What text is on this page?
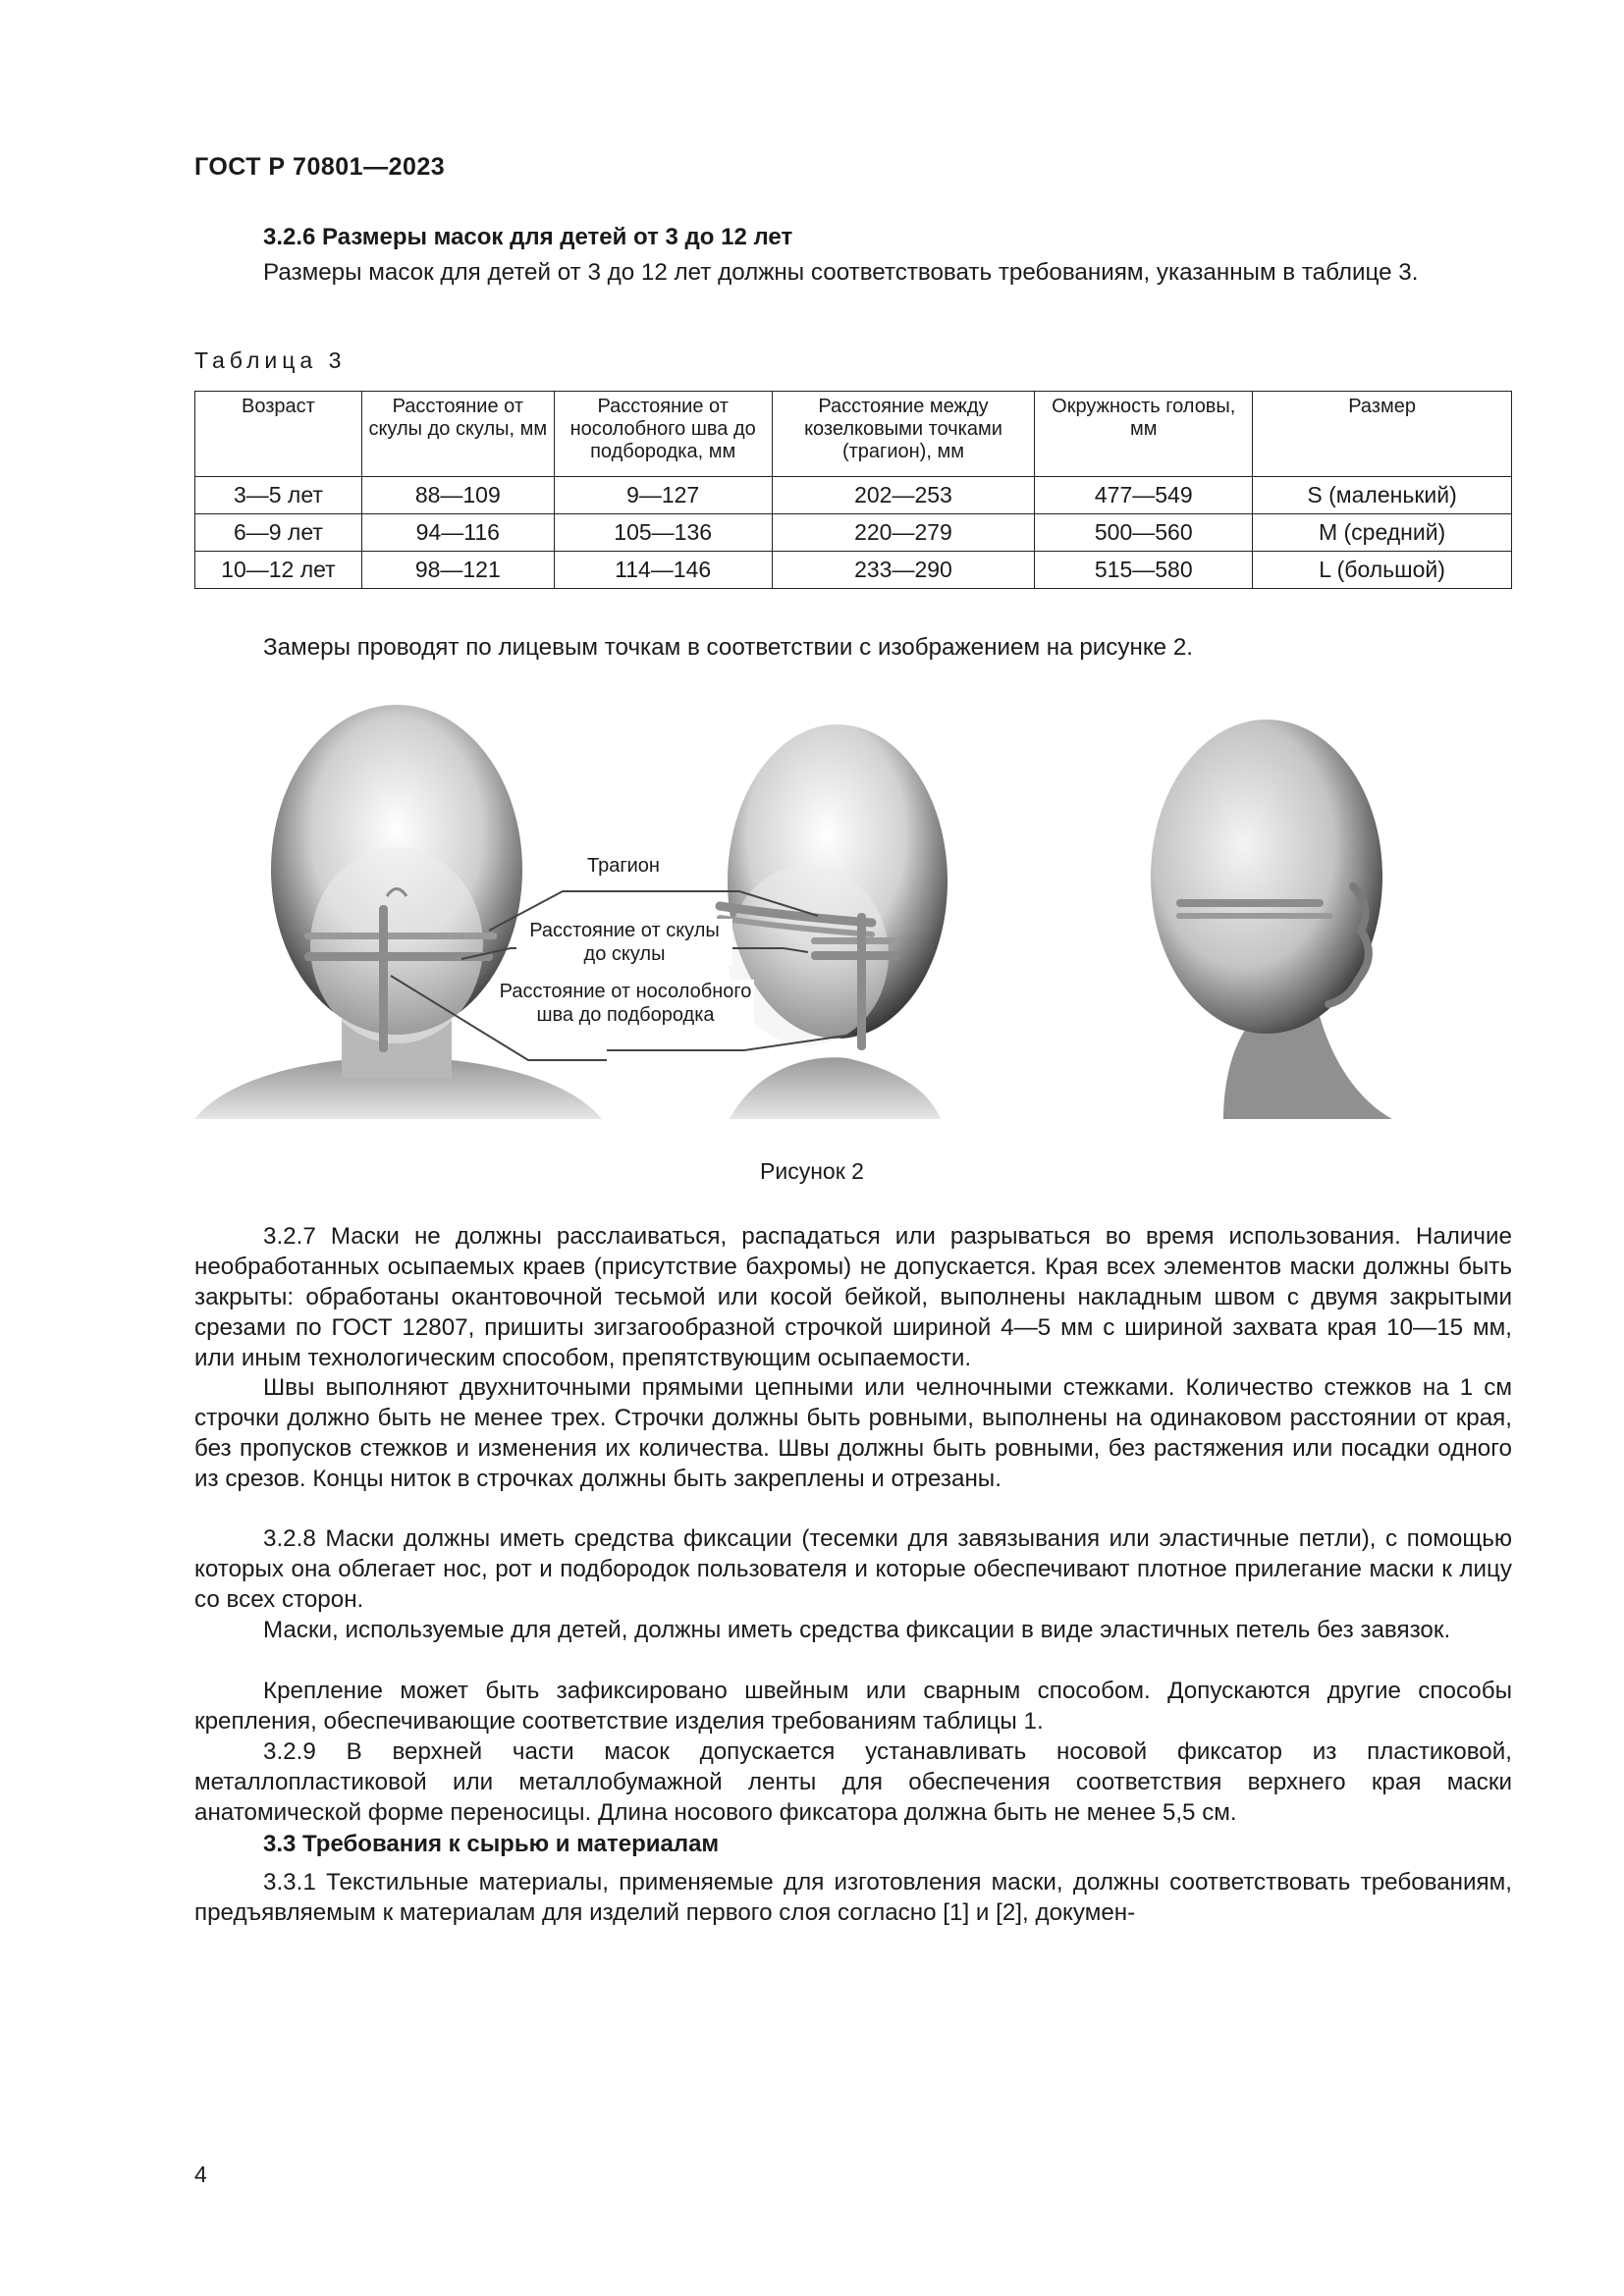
ГОСТ Р 70801—2023
3.2.6 Размеры масок для детей от 3 до 12 лет

Размеры масок для детей от 3 до 12 лет должны соответствовать требованиям, указанным в таблице 3.

Таблица 3
Возраст	Расстояние от скулы до скулы, мм	Расстояние от носолобного шва до подбородка, мм	Расстояние между козелковыми точками (трагион), мм	Окружность головы, мм	Размер
3—5 лет	88—109	9—127	202—253	477—549	S (маленький)
6—9 лет	94—116	105—136	220—279	500—560	M (средний)
10—12 лет	98—121	114—146	233—290	515—580	L (большой)

Замеры проводят по лицевым точкам в соответствии с изображением на рисунке 2.

Трагион
Расстояние от скулы
до скулы
Расстояние от носолобного
шва до подбородка
Рисунок 2

3.2.7 Маски не должны расслаиваться, распадаться или разрываться во время использования. Наличие необработанных осыпаемых краев (присутствие бахромы) не допускается. Края всех элементов маски должны быть закрыты: обработаны окантовочной тесьмой или косой бейкой, выполнены накладным швом с двумя закрытыми срезами по ГОСТ 12807, пришиты зигзагообразной строчкой шириной 4—5 мм с шириной захвата края 10—15 мм, или иным технологическим способом, препятствующим осыпаемости.

Швы выполняют двухниточными прямыми цепными или челночными стежками. Количество стежков на 1 см строчки должно быть не менее трех. Строчки должны быть ровными, выполнены на одинаковом расстоянии от края, без пропусков стежков и изменения их количества. Швы должны быть ровными, без растяжения или посадки одного из срезов. Концы ниток в строчках должны быть закреплены и отрезаны.

3.2.8 Маски должны иметь средства фиксации (тесемки для завязывания или эластичные петли), с помощью которых она облегает нос, рот и подбородок пользователя и которые обеспечивают плотное прилегание маски к лицу со всех сторон.

Маски, используемые для детей, должны иметь средства фиксации в виде эластичных петель без завязок.

Крепление может быть зафиксировано швейным или сварным способом. Допускаются другие способы крепления, обеспечивающие соответствие изделия требованиям таблицы 1.

3.2.9 В верхней части масок допускается устанавливать носовой фиксатор из пластиковой, металлопластиковой или металлобумажной ленты для обеспечения соответствия верхнего края маски анатомической форме переносицы. Длина носового фиксатора должна быть не менее 5,5 см.

3.3 Требования к сырью и материалам

3.3.1 Текстильные материалы, применяемые для изготовления маски, должны соответствовать требованиям, предъявляемым к материалам для изделий первого слоя согласно [1] и [2], докумен-

4
